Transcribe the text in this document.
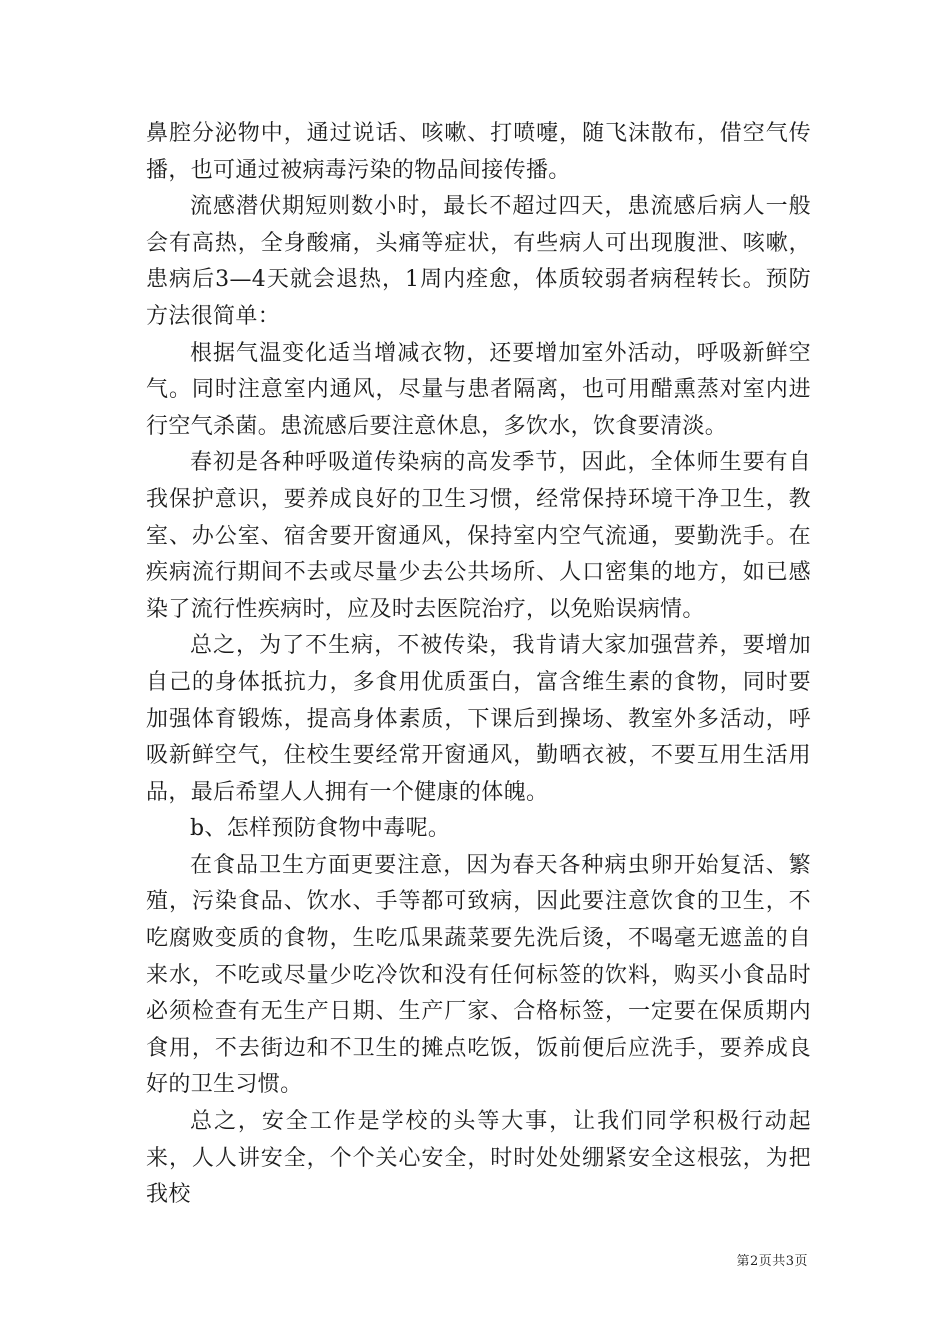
鼻腔分泌物中，通过说话、咳嗽、打喷嚏，随飞沫散布，借空气传播，也可通过被病毒污染的物品间接传播。

流感潜伏期短则数小时，最长不超过四天，患流感后病人一般会有高热，全身酸痛，头痛等症状，有些病人可出现腹泄、咳嗽，患病后3—4天就会退热，1周内痊愈，体质较弱者病程转长。预防方法很简单：

根据气温变化适当增减衣物，还要增加室外活动，呼吸新鲜空气。同时注意室内通风，尽量与患者隔离，也可用醋熏蒸对室内进行空气杀菌。患流感后要注意休息，多饮水，饮食要清淡。

春初是各种呼吸道传染病的高发季节，因此，全体师生要有自我保护意识，要养成良好的卫生习惯，经常保持环境干净卫生，教室、办公室、宿舍要开窗通风，保持室内空气流通，要勤洗手。在疾病流行期间不去或尽量少去公共场所、人口密集的地方，如已感染了流行性疾病时，应及时去医院治疗，以免贻误病情。

总之，为了不生病，不被传染，我肯请大家加强营养，要增加自己的身体抵抗力，多食用优质蛋白，富含维生素的食物，同时要加强体育锻炼，提高身体素质，下课后到操场、教室外多活动，呼吸新鲜空气，住校生要经常开窗通风，勤晒衣被，不要互用生活用品，最后希望人人拥有一个健康的体魄。

b、怎样预防食物中毒呢。

在食品卫生方面更要注意，因为春天各种病虫卵开始复活、繁殖，污染食品、饮水、手等都可致病，因此要注意饮食的卫生，不吃腐败变质的食物，生吃瓜果蔬菜要先洗后烫，不喝毫无遮盖的自来水，不吃或尽量少吃冷饮和没有任何标签的饮料，购买小食品时必须检查有无生产日期、生产厂家、合格标签，一定要在保质期内食用，不去街边和不卫生的摊点吃饭，饭前便后应洗手，要养成良好的卫生习惯。

总之，安全工作是学校的头等大事，让我们同学积极行动起来，人人讲安全，个个关心安全，时时处处绷紧安全这根弦，为把我校

第2页共3页
